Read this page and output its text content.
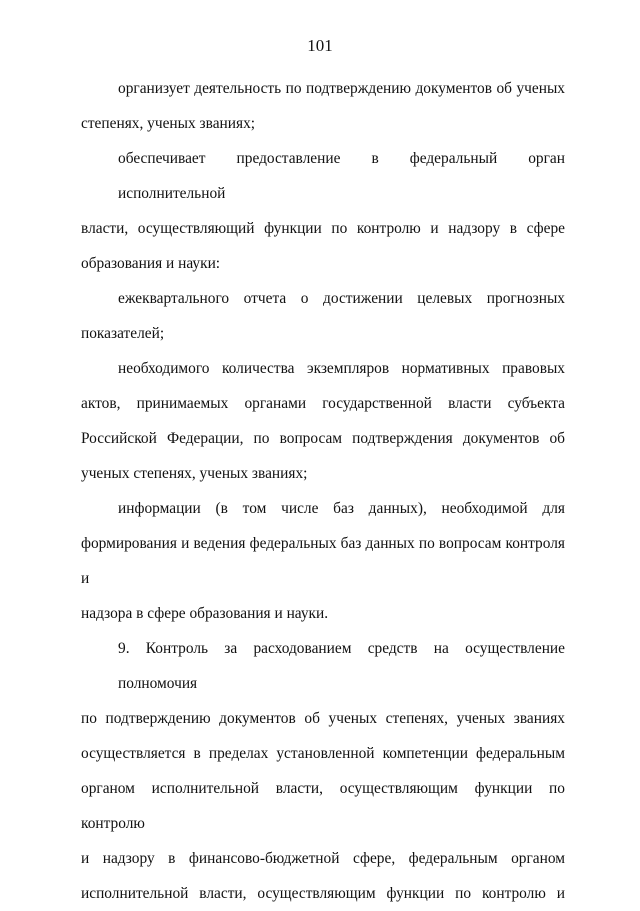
101
организует деятельность по подтверждению документов об ученых
степенях, ученых званиях;
обеспечивает предоставление в федеральный орган исполнительной
власти, осуществляющий функции по контролю и надзору в сфере
образования и науки:
ежеквартального отчета о достижении целевых прогнозных
показателей;
необходимого количества экземпляров нормативных правовых
актов, принимаемых органами государственной власти субъекта
Российской Федерации, по вопросам подтверждения документов об
ученых степенях, ученых званиях;
информации (в том числе баз данных), необходимой для
формирования и ведения федеральных баз данных по вопросам контроля и
надзора в сфере образования и науки.
9. Контроль за расходованием средств на осуществление полномочия
по подтверждению документов об ученых степенях, ученых званиях
осуществляется в пределах установленной компетенции федеральным
органом исполнительной власти, осуществляющим функции по контролю
и надзору в финансово-бюджетной сфере, федеральным органом
исполнительной власти, осуществляющим функции по контролю и
